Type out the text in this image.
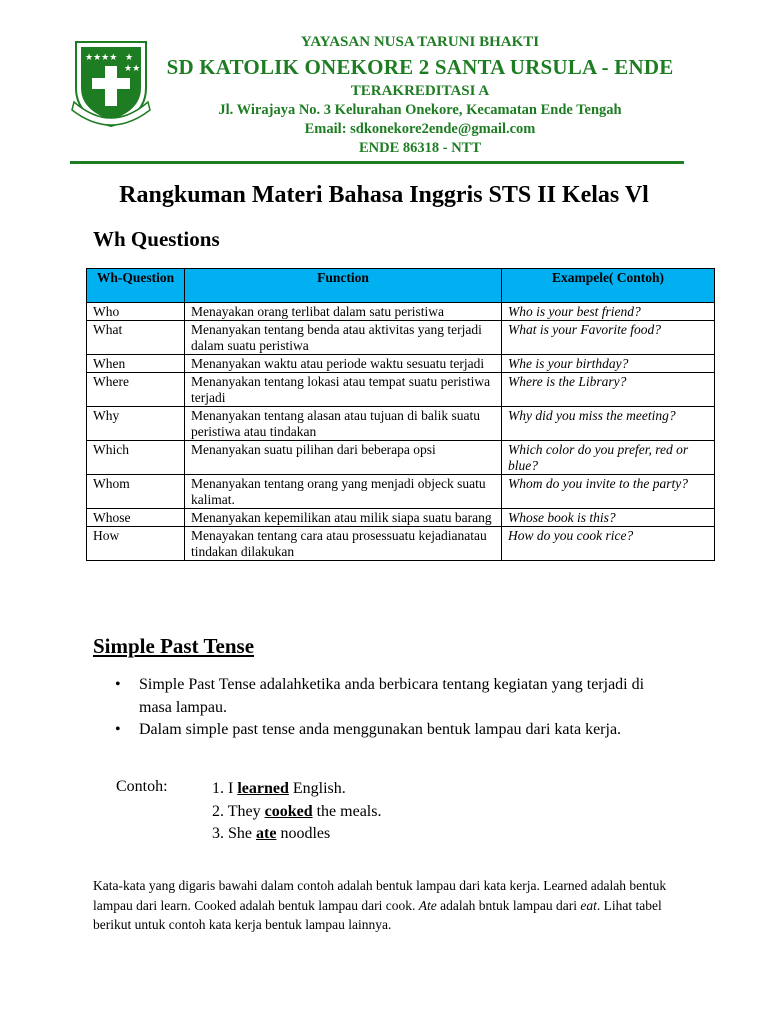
★★★★ ★
★★
YAYASAN NUSA TARUNI BHAKTI
SD KATOLIK ONEKORE 2 SANTA URSULA - ENDE
TERAKREDITASI A
Jl. Wirajaya No. 3 Kelurahan Onekore, Kecamatan Ende Tengah
Email: sdkonekore2ende@gmail.com
ENDE 86318 - NTT
Rangkuman Materi Bahasa Inggris STS II Kelas Vl
Wh Questions
Wh-Question	Function	Exampele( Contoh)
Who	Menayakan orang terlibat dalam satu peristiwa	Who is your best friend?
What	Menanyakan tentang benda atau aktivitas yang terjadi dalam suatu peristiwa	What is your Favorite food?
When	Menanyakan waktu atau periode waktu sesuatu terjadi	Whe is your birthday?
Where	Menanyakan tentang lokasi atau tempat suatu peristiwa terjadi	Where is the Library?
Why	Menanyakan tentang alasan atau tujuan di balik suatu peristiwa atau tindakan	Why did you miss the meeting?
Which	Menanyakan suatu pilihan dari beberapa opsi	Which color do you prefer, red or blue?
Whom	Menanyakan tentang orang yang menjadi objeck suatu kalimat.	Whom do you invite to the party?
Whose	Menanyakan kepemilikan atau milik siapa suatu barang	Whose book is this?
How	Menayakan tentang cara atau prosessuatu kejadianatau tindakan dilakukan	How do you cook rice?
Simple Past Tense
• Simple Past Tense adalahketika anda berbicara tentang kegiatan yang terjadi di masa lampau.
• Dalam simple past tense anda menggunakan bentuk lampau dari kata kerja.
Contoh:	1. I learned English.
2. They cooked the meals.
3. She ate noodles
Kata-kata yang digaris bawahi dalam contoh adalah bentuk lampau dari kata kerja. Learned adalah bentuk lampau dari learn. Cooked adalah bentuk lampau dari cook. Ate adalah bntuk lampau dari eat. Lihat tabel berikut untuk contoh kata kerja bentuk lampau lainnya.
